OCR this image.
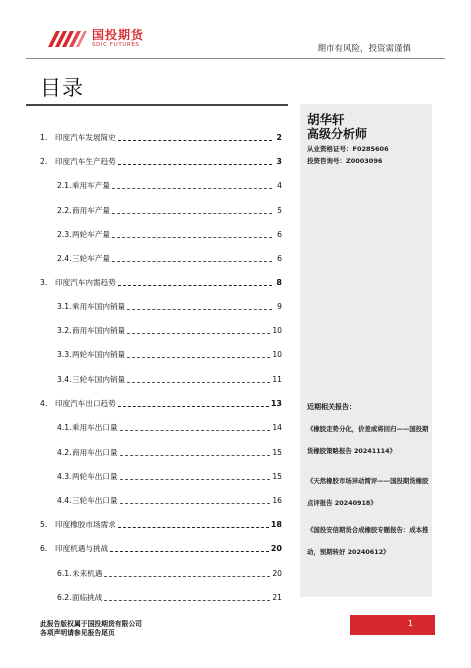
国投期货
SDIC FUTURES	期市有风险，投资需谨慎
目录
1.	印度汽车发展简史	2
2.	印度汽车生产趋势	3
2.1. 乘用车产量	4
2.2. 商用车产量	5
2.3. 两轮车产量	6
2.4. 三轮车产量	6
3.	印度汽车内需趋势	8
3.1. 乘用车国内销量	9
3.2. 商用车国内销量	10
3.3. 两轮车国内销量	10
3.4. 三轮车国内销量	11
4.	印度汽车出口趋势	13
4.1. 乘用车出口量	14
4.2. 商用车出口量	15
4.3. 两轮车出口量	15
4.4. 三轮车出口量	16
5.	印度橡胶市场需求	18
6.	印度机遇与挑战	20
6.1. 未来机遇	20
6.2. 面临挑战	21
胡华轩
高级分析师
从业资格证号：F0285606
投资咨询号：Z0003096
近期相关报告：
《橡胶走势分化，价差或将回归——国投期货橡胶策略报告 20241114》
《天然橡胶市场异动简评——国投期货橡胶点评报告 20240918》
《国投安信期货合成橡胶专题报告：成本推动，预期转好 20240612》
此报告版权属于国投期货有限公司
各项声明请参见报告尾页
1
